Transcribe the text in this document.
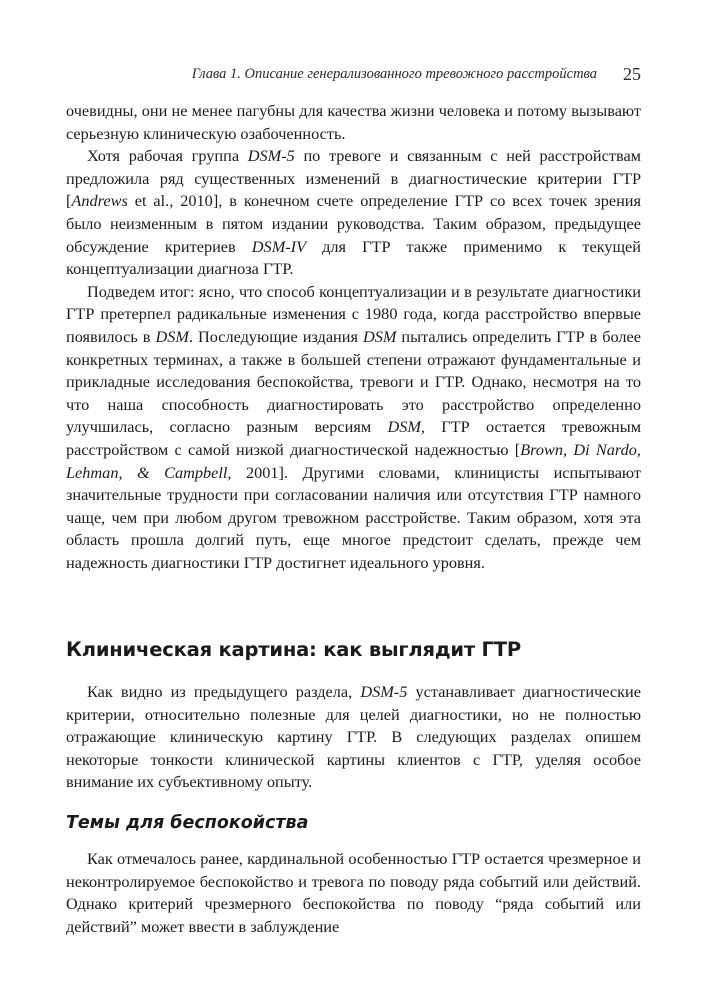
Глава 1. Описание генерализованного тревожного расстройства 25

очевидны, они не менее пагубны для качества жизни человека и потому вызывают серьезную клиническую озабоченность.

Хотя рабочая группа DSM-5 по тревоге и связанным с ней расстройствам предложила ряд существенных изменений в диагностические критерии ГТР [Andrews et al., 2010], в конечном счете определение ГТР со всех точек зрения было неизменным в пятом издании руководства. Таким образом, предыдущее обсуждение критериев DSM-IV для ГТР также применимо к текущей концептуализации диагноза ГТР.

Подведем итог: ясно, что способ концептуализации и в результате диагностики ГТР претерпел радикальные изменения с 1980 года, когда расстройство впервые появилось в DSM. Последующие издания DSM пытались определить ГТР в более конкретных терминах, а также в большей степени отражают фундаментальные и прикладные исследования беспокойства, тревоги и ГТР. Однако, несмотря на то что наша способность диагностировать это расстройство определенно улучшилась, согласно разным версиям DSM, ГТР остается тревожным расстройством с самой низкой диагностической надежностью [Brown, Di Nardo, Lehman, & Campbell, 2001]. Другими словами, клиницисты испытывают значительные трудности при согласовании наличия или отсутствия ГТР намного чаще, чем при любом другом тревожном расстройстве. Таким образом, хотя эта область прошла долгий путь, еще многое предстоит сделать, прежде чем надежность диагностики ГТР достигнет идеального уровня.

Клиническая картина: как выглядит ГТР

Как видно из предыдущего раздела, DSM-5 устанавливает диагностические критерии, относительно полезные для целей диагностики, но не полностью отражающие клиническую картину ГТР. В следующих разделах опишем некоторые тонкости клинической картины клиентов с ГТР, уделяя особое внимание их субъективному опыту.

Темы для беспокойства

Как отмечалось ранее, кардинальной особенностью ГТР остается чрезмерное и неконтролируемое беспокойство и тревога по поводу ряда событий или действий. Однако критерий чрезмерного беспокойства по поводу “ряда событий или действий” может ввести в заблуждение
